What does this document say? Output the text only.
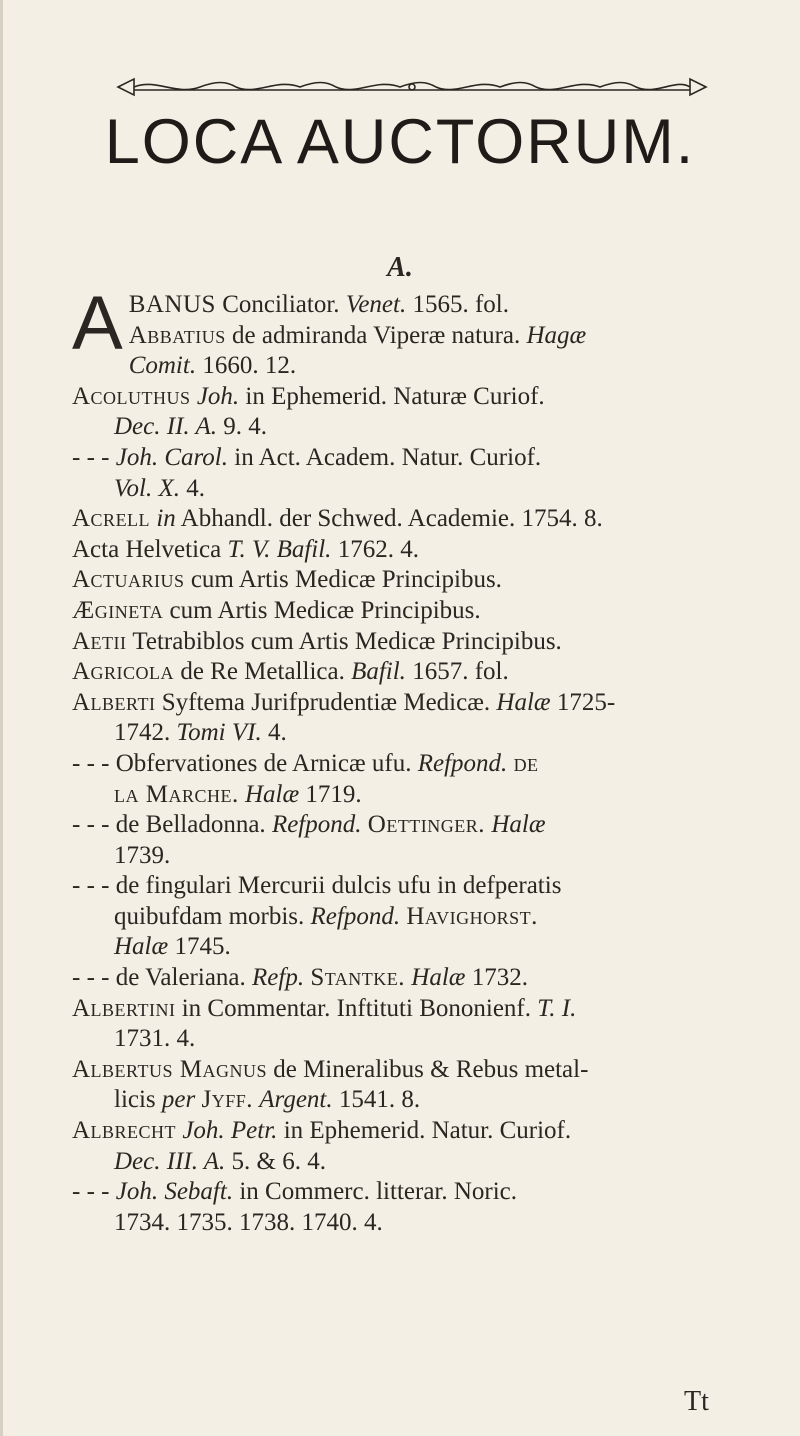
LOCA AUCTORUM.
A.
ABANUS Conciliator. Venet. 1565. fol.
Abbatius de admiranda Viperæ natura. Hagæ
Comit. 1660. 12.
Acoluthus Joh. in Ephemerid. Naturæ Curiof.
Dec. II. A. 9. 4.
- - - Joh. Carol. in Act. Academ. Natur. Curiof.
Vol. X. 4.
Acrell in Abhandl. der Schwed. Academie. 1754. 8.
Acta Helvetica T. V. Bafil. 1762. 4.
Actuarius cum Artis Medicæ Principibus.
Ægineta cum Artis Medicæ Principibus.
Aetii Tetrabiblos cum Artis Medicæ Principibus.
Agricola de Re Metallica. Bafil. 1657. fol.
Alberti Syftema Jurifprudentiæ Medicæ. Halæ 1725-
1742. Tomi VI. 4.
- - - Obfervationes de Arnicæ ufu. Refpond. de
la Marche. Halæ 1719.
- - - de Belladonna. Refpond. Oettinger. Halæ
1739.
- - - de fingulari Mercurii dulcis ufu in defperatis
quibufdam morbis. Refpond. Havighorst.
Halæ 1745.
- - - de Valeriana. Refp. Stantke. Halæ 1732.
Albertini in Commentar. Inftituti Bononienf. T. I.
1731. 4.
Albertus Magnus de Mineralibus & Rebus metal-
licis per Jyff. Argent. 1541. 8.
Albrecht Joh. Petr. in Ephemerid. Natur. Curiof.
Dec. III. A. 5. & 6. 4.
- - - Joh. Sebaft. in Commerc. litterar. Noric.
1734. 1735. 1738. 1740. 4.
Tt
